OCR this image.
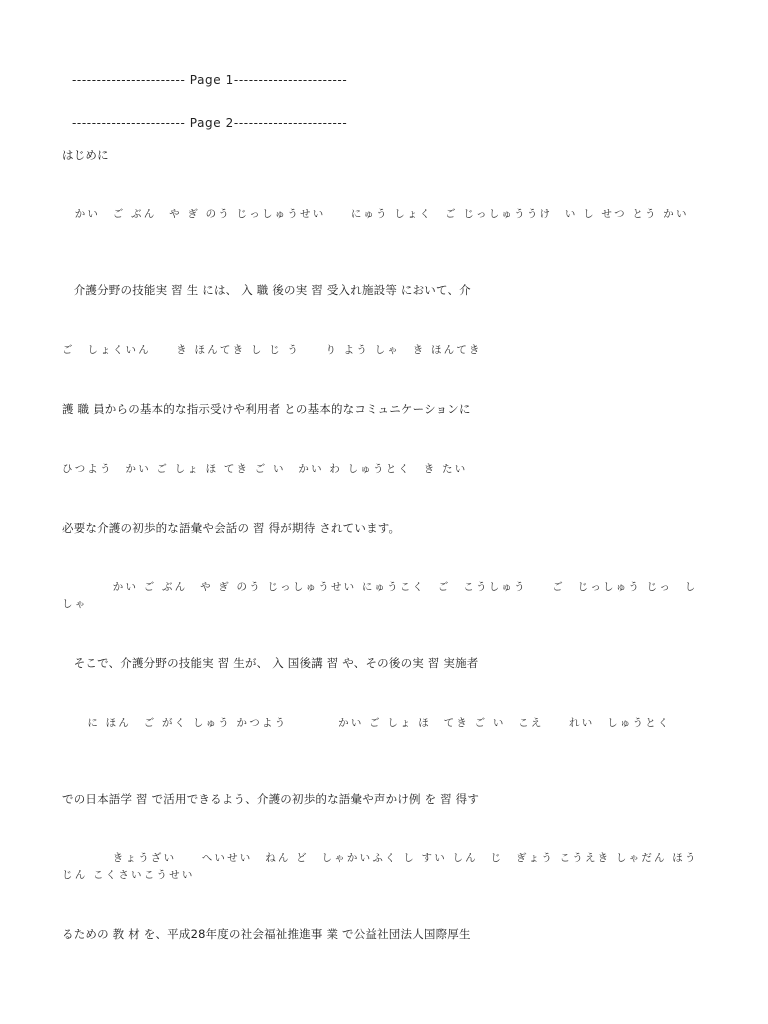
----------------------- Page 1-----------------------
----------------------- Page 2-----------------------
はじめに
　かい　ご ぶん　や ぎ のう じっしゅうせい　　にゅう しょく　ご じっしゅううけ　い し せつ とう かい
　介護分野の技能実 習 生 には、 入 職 後の実 習 受入れ施設等 において、介
ご　しょくいん　　き ほんてき し じ う　　り よう しゃ　き ほんてき
護 職 員からの基本的な指示受けや利用者 との基本的なコミュニケーションに
ひつよう　かい ご しょ ほ てき ご い　かい わ しゅうとく　き たい
必要な介護の初歩的な語彙や会話の 習 得が期待 されています。
　　　　かい ご ぶん　や ぎ のう じっしゅうせい にゅうこく　ご　こうしゅう　　ご　じっしゅう じっ　し　しゃ
　そこで、介護分野の技能実 習 生が、 入 国後講 習 や、その後の実 習 実施者
　　に ほん　ご がく しゅう かつよう　　　　かい ご しょ ほ　てき ご い　こえ　　れい　しゅうとく
での日本語学 習 で活用できるよう、介護の初歩的な語彙や声かけ例 を 習 得す
　　　　きょうざい　　へいせい　ねん ど　しゃかいふく し すい しん　じ　ぎょう こうえき しゃだん ほうじん こくさいこうせい
るための 教 材 を、平成28年度の社会福祉推進事 業 で公益社団法人国際厚生
